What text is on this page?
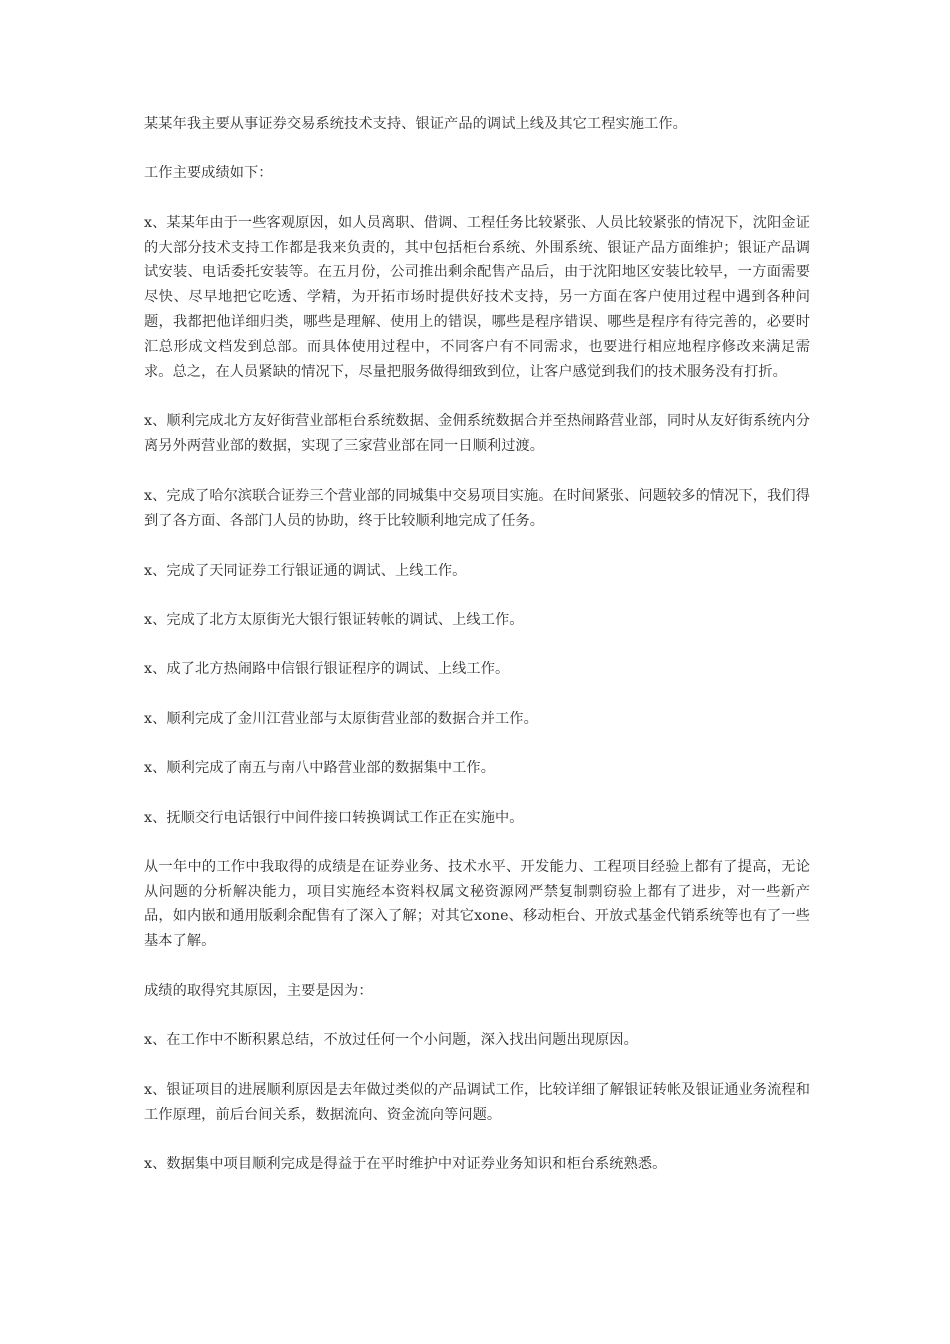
某某年我主要从事证券交易系统技术支持、银证产品的调试上线及其它工程实施工作。

工作主要成绩如下：

x、某某年由于一些客观原因，如人员离职、借调、工程任务比较紧张、人员比较紧张的情况下，沈阳金证的大部分技术支持工作都是我来负责的，其中包括柜台系统、外围系统、银证产品方面维护；银证产品调试安装、电话委托安装等。在五月份，公司推出剩余配售产品后，由于沈阳地区安装比较早，一方面需要尽快、尽早地把它吃透、学精，为开拓市场时提供好技术支持，另一方面在客户使用过程中遇到各种问题，我都把他详细归类，哪些是理解、使用上的错误，哪些是程序错误、哪些是程序有待完善的，必要时汇总形成文档发到总部。而具体使用过程中，不同客户有不同需求，也要进行相应地程序修改来满足需求。总之，在人员紧缺的情况下，尽量把服务做得细致到位，让客户感觉到我们的技术服务没有打折。

x、顺利完成北方友好街营业部柜台系统数据、金佣系统数据合并至热闹路营业部，同时从友好街系统内分离另外两营业部的数据，实现了三家营业部在同一日顺利过渡。

x、完成了哈尔滨联合证券三个营业部的同城集中交易项目实施。在时间紧张、问题较多的情况下，我们得到了各方面、各部门人员的协助，终于比较顺利地完成了任务。

x、完成了天同证券工行银证通的调试、上线工作。

x、完成了北方太原街光大银行银证转帐的调试、上线工作。

x、成了北方热闹路中信银行银证程序的调试、上线工作。

x、顺利完成了金川江营业部与太原街营业部的数据合并工作。

x、顺利完成了南五与南八中路营业部的数据集中工作。

x、抚顺交行电话银行中间件接口转换调试工作正在实施中。

从一年中的工作中我取得的成绩是在证券业务、技术水平、开发能力、工程项目经验上都有了提高，无论从问题的分析解决能力，项目实施经本资料权属文秘资源网严禁复制剽窃验上都有了进步，对一些新产品，如内嵌和通用版剩余配售有了深入了解；对其它xone、移动柜台、开放式基金代销系统等也有了一些基本了解。

成绩的取得究其原因，主要是因为：

x、在工作中不断积累总结，不放过任何一个小问题，深入找出问题出现原因。

x、银证项目的进展顺利原因是去年做过类似的产品调试工作，比较详细了解银证转帐及银证通业务流程和工作原理，前后台间关系，数据流向、资金流向等问题。

x、数据集中项目顺利完成是得益于在平时维护中对证券业务知识和柜台系统熟悉。
